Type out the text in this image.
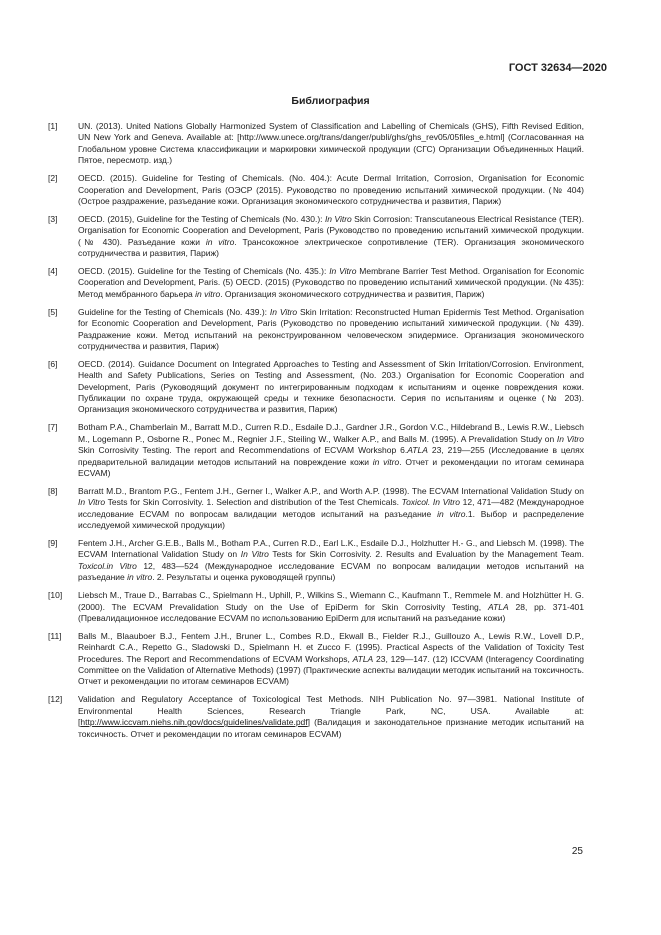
ГОСТ 32634—2020
Библиография
[1]	UN. (2013). United Nations Globally Harmonized System of Classification and Labelling of Chemicals (GHS), Fifth Revised Edition, UN New York and Geneva. Available at: [http://www.unece.org/trans/danger/publi/ghs/ghs_rev05/05files_e.html] (Согласованная на Глобальном уровне Система классификации и маркировки химической продукции (СГС) Организации Объединенных Наций. Пятое, пересмотр. изд.)
[2]	OECD. (2015). Guideline for Testing of Chemicals. (No. 404.): Acute Dermal Irritation, Corrosion, Organisation for Economic Cooperation and Development, Paris (ОЭСР (2015). Руководство по проведению испытаний химической продукции. (№ 404) (Острое раздражение, разъедание кожи. Организация экономического сотрудничества и развития, Париж)
[3]	OECD. (2015), Guideline for the Testing of Chemicals (No. 430.): In Vitro Skin Corrosion: Transcutaneous Electrical Resistance (TER). Organisation for Economic Cooperation and Development, Paris (Руководство по проведению испытаний химической продукции. (№ 430). Разъедание кожи in vitro. Трансокожное электрическое сопротивление (TER). Организация экономического сотрудничества и развития, Париж)
[4]	OECD. (2015). Guideline for the Testing of Chemicals (No. 435.): In Vitro Membrane Barrier Test Method. Organisation for Economic Cooperation and Development, Paris. (5) OECD. (2015) (Руководство по проведению испытаний химической продукции. (№ 435): Метод мембранного барьера in vitro. Организация экономического сотрудничества и развития, Париж)
[5]	Guideline for the Testing of Chemicals (No. 439.): In Vitro Skin Irritation: Reconstructed Human Epidermis Test Method. Organisation for Economic Cooperation and Development, Paris (Руководство по проведению испытаний химической продукции. (№ 439). Раздражение кожи. Метод испытаний на реконструированном человеческом эпидермисе. Организация экономического сотрудничества и развития, Париж)
[6]	OECD. (2014). Guidance Document on Integrated Approaches to Testing and Assessment of Skin Irritation/Corrosion. Environment, Health and Safety Publications, Series on Testing and Assessment, (No. 203.) Organisation for Economic Cooperation and Development, Paris (Руководящий документ по интегрированным подходам к испытаниям и оценке повреждения кожи. Публикации по охране труда, окружающей среды и технике безопасности. Серия по испытаниям и оценке (№ 203). Организация экономического сотрудничества и развития, Париж)
[7]	Botham P.A., Chamberlain M., Barratt M.D., Curren R.D., Esdaile D.J., Gardner J.R., Gordon V.C., Hildebrand B., Lewis R.W., Liebsch M., Logemann P., Osborne R., Ponec M., Regnier J.F., Steiling W., Walker A.P., and Balls M. (1995). A Prevalidation Study on In Vitro Skin Corrosivity Testing. The report and Recommendations of ECVAM Workshop 6.ATLA 23, 219—255 (Исследование в целях предварительной валидации методов испытаний на повреждение кожи in vitro. Отчет и рекомендации по итогам семинара ECVAM)
[8]	Barratt M.D., Brantom P.G., Fentem J.H., Gerner I., Walker A.P., and Worth A.P. (1998). The ECVAM International Validation Study on In Vitro Tests for Skin Corrosivity. 1. Selection and distribution of the Test Chemicals. Toxicol. In Vitro 12, 471—482 (Международное исследование ECVAM по вопросам валидации методов испытаний на разъедание in vitro.1. Выбор и распределение исследуемой химической продукции)
[9]	Fentem J.H., Archer G.E.B., Balls M., Botham P.A., Curren R.D., Earl L.K., Esdaile D.J., Holzhutter H.- G., and Liebsch M. (1998). The ECVAM International Validation Study on In Vitro Tests for Skin Corrosivity. 2. Results and Evaluation by the Management Team. Toxicol.in Vitro 12, 483—524 (Международное исследование ECVAM по вопросам валидации методов испытаний на разъедание in vitro. 2. Результаты и оценка руководящей группы)
[10]	Liebsch M., Traue D., Barrabas C., Spielmann H., Uphill, P., Wilkins S., Wiemann C., Kaufmann T., Remmele M. and Holzhütter H. G. (2000). The ECVAM Prevalidation Study on the Use of EpiDerm for Skin Corrosivity Testing, ATLA 28, pp. 371-401 (Превалидационное исследование ECVAM по использованию EpiDerm для испытаний на разъедание кожи)
[11]	Balls M., Blaauboer B.J., Fentem J.H., Bruner L., Combes R.D., Ekwall B., Fielder R.J., Guillouzo A., Lewis R.W., Lovell D.P., Reinhardt C.A., Repetto G., Sladowski D., Spielmann H. et Zucco F. (1995). Practical Aspects of the Validation of Toxicity Test Procedures. The Report and Recommendations of ECVAM Workshops, ATLA 23, 129—147. (12) ICCVAM (Interagency Coordinating Committee on the Validation of Alternative Methods) (1997) (Практические аспекты валидации методик испытаний на токсичность. Отчет и рекомендации по итогам семинаров ECVAM)
[12]	Validation and Regulatory Acceptance of Toxicological Test Methods. NIH Publication No. 97—3981. National Institute of Environmental Health Sciences, Research Triangle Park, NC, USA. Available at: [http://www.iccvam.niehs.nih.gov/docs/guidelines/validate.pdf] (Валидация и законодательное признание методик испытаний на токсичность. Отчет и рекомендации по итогам семинаров ECVAM)
25
